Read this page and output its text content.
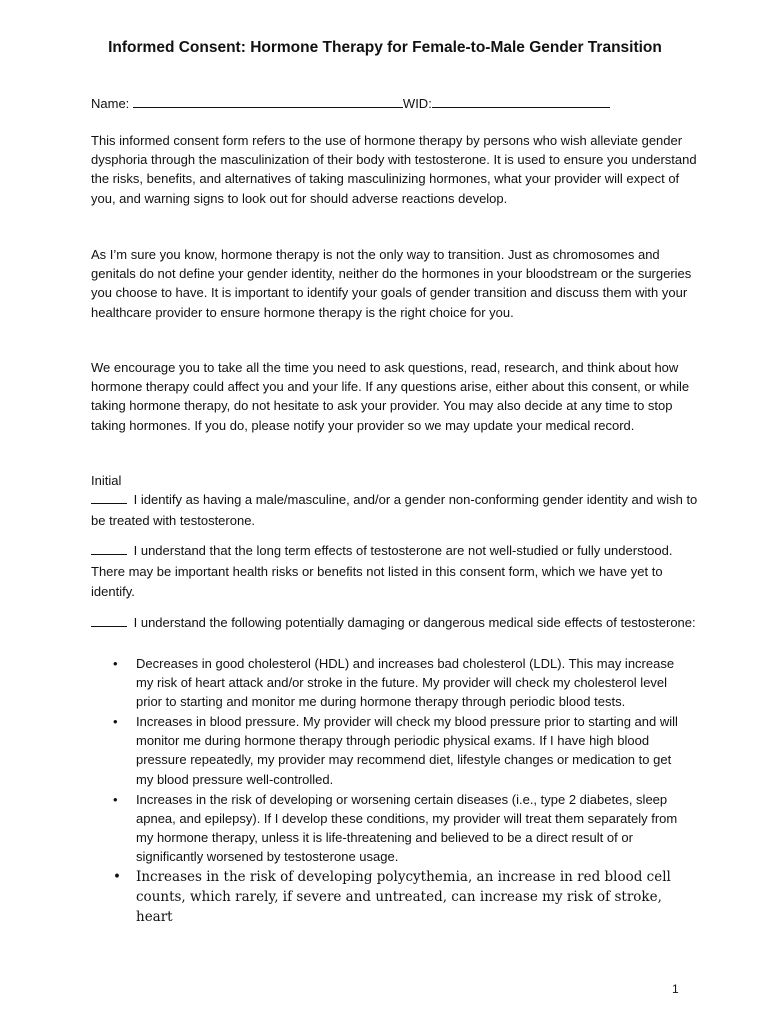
Informed Consent: Hormone Therapy for Female-to-Male Gender Transition
Name:	WID:

This informed consent form refers to the use of hormone therapy by persons who wish alleviate gender dysphoria through the masculinization of their body with testosterone. It is used to ensure you understand the risks, benefits, and alternatives of taking masculinizing hormones, what your provider will expect of you, and warning signs to look out for should adverse reactions develop.

As I’m sure you know, hormone therapy is not the only way to transition. Just as chromosomes and genitals do not define your gender identity, neither do the hormones in your bloodstream or the surgeries you choose to have. It is important to identify your goals of gender transition and discuss them with your healthcare provider to ensure hormone therapy is the right choice for you.

We encourage you to take all the time you need to ask questions, read, research, and think about how hormone therapy could affect you and your life. If any questions arise, either about this consent, or while taking hormone therapy, do not hesitate to ask your provider. You may also decide at any time to stop taking hormones. If you do, please notify your provider so we may update your medical record.

Initial

I identify as having a male/masculine, and/or a gender non-conforming gender identity and wish to be treated with testosterone.

I understand that the long term effects of testosterone are not well-studied or fully understood. There may be important health risks or benefits not listed in this consent form, which we have yet to identify.

I understand the following potentially damaging or dangerous medical side effects of testosterone:

• Decreases in good cholesterol (HDL) and increases bad cholesterol (LDL). This may increase my risk of heart attack and/or stroke in the future. My provider will check my cholesterol level prior to starting and monitor me during hormone therapy through periodic blood tests.
• Increases in blood pressure. My provider will check my blood pressure prior to starting and will monitor me during hormone therapy through periodic physical exams. If I have high blood pressure repeatedly, my provider may recommend diet, lifestyle changes or medication to get my blood pressure well-controlled.
• Increases in the risk of developing or worsening certain diseases (i.e., type 2 diabetes, sleep apnea, and epilepsy). If I develop these conditions, my provider will treat them separately from my hormone therapy, unless it is life-threatening and believed to be a direct result of or significantly worsened by testosterone usage.
• Increases in the risk of developing polycythemia, an increase in red blood cell counts, which rarely, if severe and untreated, can increase my risk of stroke, heart
1
